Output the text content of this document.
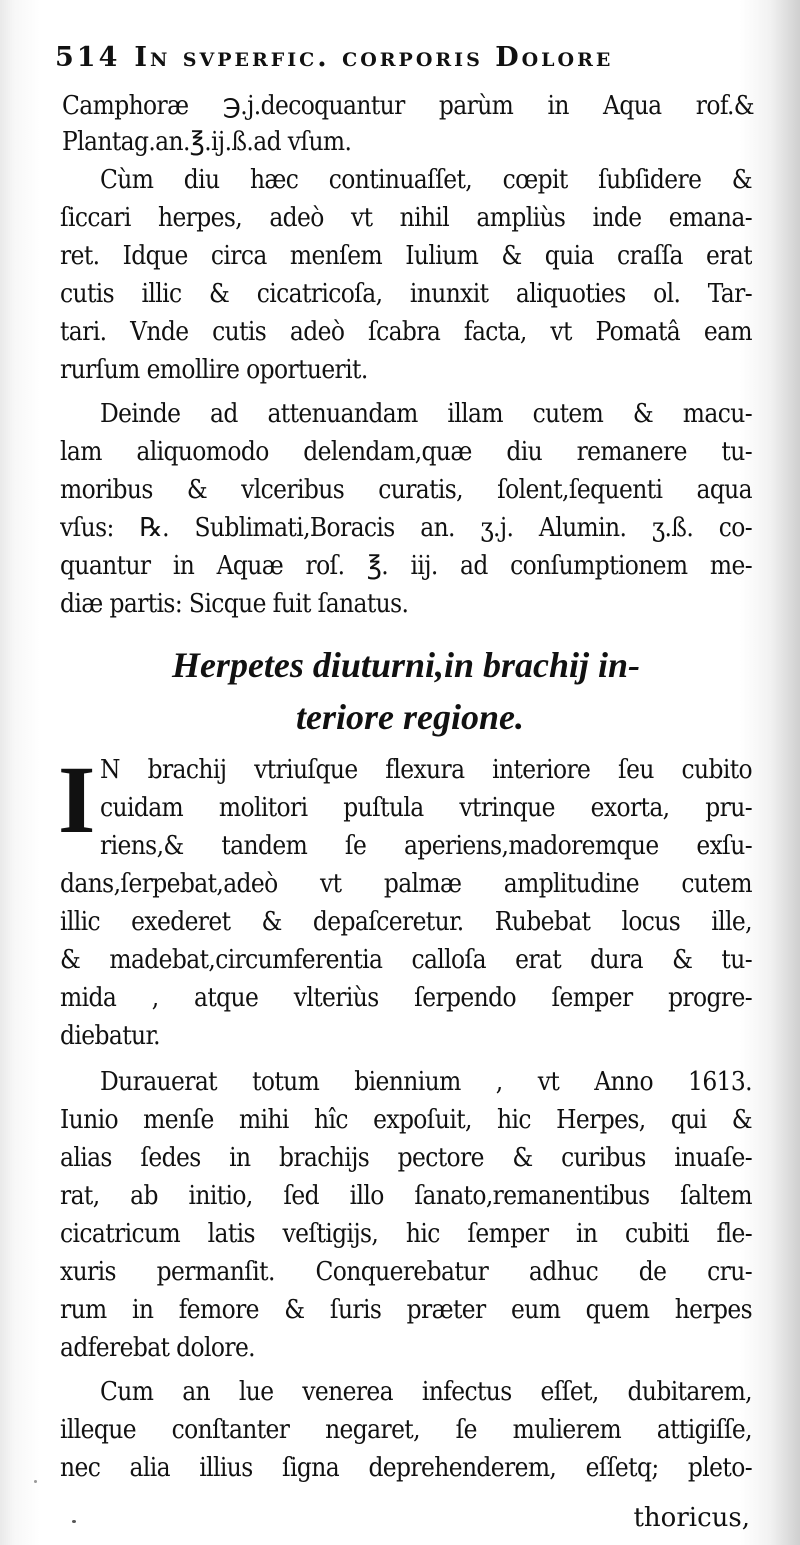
514 In svperfic. corporis Dolore
Camphoræ ℈.j.decoquantur parùm in Aqua rof.&
Plantag.an.℥.ij.ß.ad vſum.
Cùm diu hæc continuaſſet, cœpit ſubſidere &
ſiccari herpes, adeò vt nihil ampliùs inde emana-
ret. Idque circa menſem Iulium & quia craſſa erat
cutis illic & cicatricoſa, inunxit aliquoties ol. Tar-
tari. Vnde cutis adeò ſcabra facta, vt Pomatâ eam
rurſum emollire oportuerit.
Deinde ad attenuandam illam cutem & macu-
lam aliquomodo delendam,quæ diu remanere tu-
moribus & vlceribus curatis, ſolent,ſequenti aqua
vſus: ℞. Sublimati,Boracis an. ʒ.j. Alumin. ʒ.ß. co-
quantur in Aquæ roſ. ℥. iij. ad conſumptionem me-
diæ partis: Sicque fuit ſanatus.
Herpetes diuturni,in brachij in-
teriore regione.
I N brachij vtriuſque flexura interiore ſeu cubito
cuidam molitori puſtula vtrinque exorta, pru-
riens,& tandem ſe aperiens,madoremque exſu-
dans,ſerpebat,adeò vt palmæ amplitudine cutem
illic exederet & depaſceretur. Rubebat locus ille,
& madebat,circumferentia calloſa erat dura & tu-
mida , atque vlteriùs ſerpendo ſemper progre-
diebatur.
Durauerat totum biennium , vt Anno 1613.
Iunio menſe mihi hîc expoſuit, hic Herpes, qui &
alias ſedes in brachijs pectore & curibus inuaſe-
rat, ab initio, ſed illo ſanato,remanentibus ſaltem
cicatricum latis veſtigijs, hic ſemper in cubiti fle-
xuris permanſit. Conquerebatur adhuc de cru-
rum in femore & ſuris præter eum quem herpes
adferebat dolore.
Cum an lue venerea infectus eſſet, dubitarem,
illeque conſtanter negaret, ſe mulierem attigiſſe,
nec alia illius ſigna deprehenderem, eſſetq; pleto-
thoricus,
